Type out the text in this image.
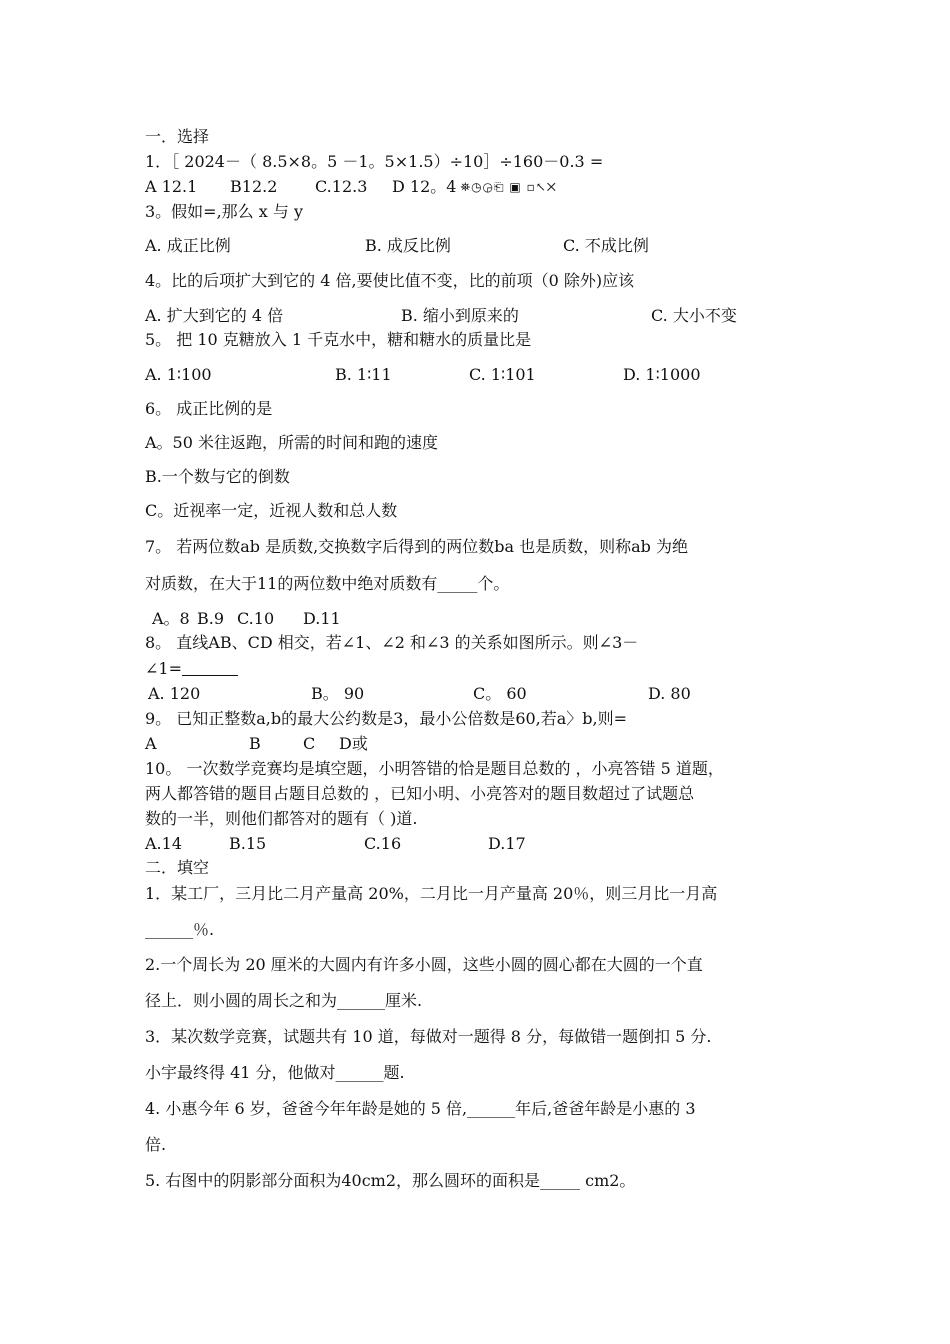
一．选择
1．［ 2024－（ 8.5×8。5 －1。5×1.5）÷10］÷160－0.3 =
A 12.1	B12.2	C.12.3	D 12。4 ⛯◷◶⎗ ▣ ▫↖✕
3。假如=,那么 x 与 y
A. 成正比例	B. 成反比例	C. 不成比例
4。比的后项扩大到它的 4 倍,要使比值不变，比的前项（0 除外)应该
A. 扩大到它的 4 倍	B. 缩小到原来的	C. 大小不变
5。 把 10 克糖放入 1 千克水中，糖和糖水的质量比是
A. 1∶100	B. 1∶11	C. 1∶101	D. 1∶1000
6。 成正比例的是
A。50 米往返跑，所需的时间和跑的速度
B.一个数与它的倒数
C。近视率一定，近视人数和总人数
7。 若两位数ab 是质数,交换数字后得到的两位数ba 也是质数，则称ab 为绝
对质数，在大于11的两位数中绝对质数有_____个。
A。8 B.9 C.10	D.11
8。 直线AB、CD 相交，若∠1、∠2 和∠3 的关系如图所示。则∠3－
∠1=
A. 120	B。 90	C。 60	D. 80
9。 已知正整数a,b的最大公约数是3，最小公倍数是60,若a〉b,则=
A	B	C	D或
10。 一次数学竞赛均是填空题，小明答错的恰是题目总数的 ，小亮答错 5 道题，
两人都答错的题目占题目总数的 ，已知小明、小亮答对的题目数超过了试题总
数的一半，则他们都答对的题有（ )道.
A.14	B.15	C.16	D.17
二．填空
1．某工厂，三月比二月产量高 20%，二月比一月产量高 20％，则三月比一月高
______％.
2.一个周长为 20 厘米的大圆内有许多小圆，这些小圆的圆心都在大圆的一个直
径上．则小圆的周长之和为______厘米.
3．某次数学竞赛，试题共有 10 道，每做对一题得 8 分，每做错一题倒扣 5 分.
小宇最终得 41 分，他做对______题.
4. 小惠今年 6 岁，爸爸今年年龄是她的 5 倍,______年后,爸爸年龄是小惠的 3
倍.
5. 右图中的阴影部分面积为40cm2，那么圆环的面积是_____ cm2。
